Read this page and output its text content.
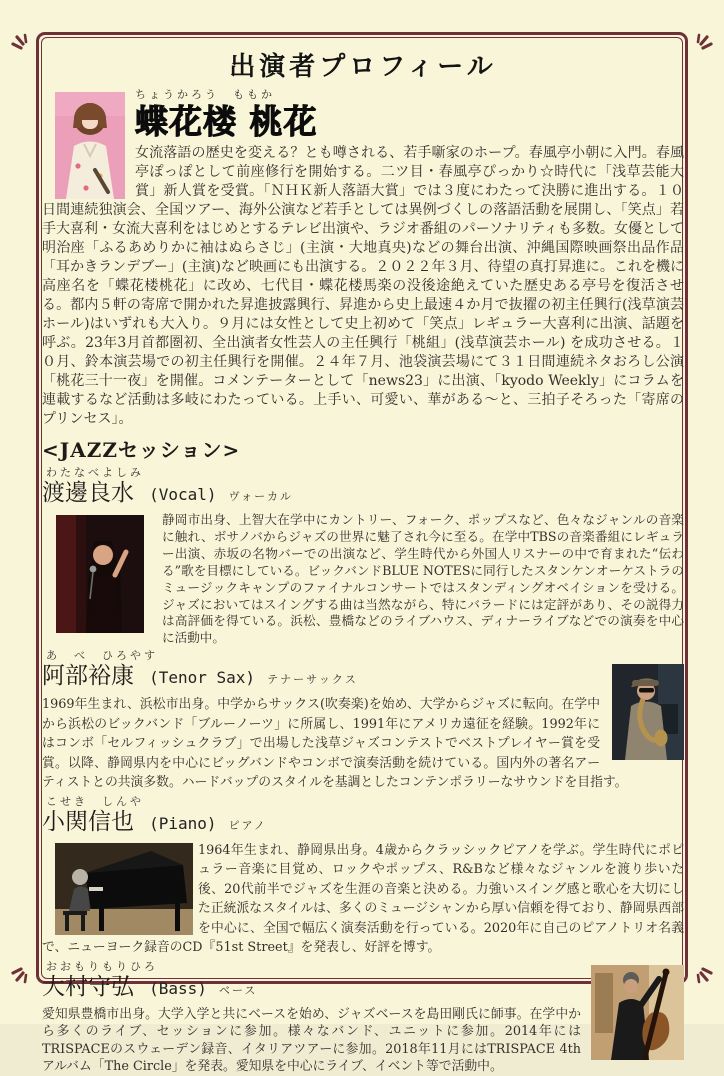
出演者プロフィール
ちょうかろう　ももか
蝶花楼 桃花

女流落語の歴史を変える？とも噂される、若手噺家のホープ。春風亭小朝に入門。春風亭ぽっぽとして前座修行を開始する。二ツ目・春風亭ぴっかり☆時代に「浅草芸能大賞」新人賞を受賞。「ＮＨＫ新人落語大賞」では３度にわたって決勝に進出する。１０日間連続独演会、全国ツアー、海外公演など若手としては異例づくしの落語活動を展開し、「笑点」若手大喜利・女流大喜利をはじめとするテレビ出演や、ラジオ番組のパーソナリティも多数。女優として明治座「ふるあめりかに袖はぬらさじ」(主演・大地真央)などの舞台出演、沖縄国際映画祭出品作品「耳かきランデブー」(主演)など映画にも出演する。２０２２年３月、待望の真打昇進に。これを機に高座名を「蝶花楼桃花」に改め、七代目・蝶花楼馬楽の没後途絶えていた歴史ある亭号を復活させる。都内５軒の寄席で開かれた昇進披露興行、昇進から史上最速４か月で抜擢の初主任興行(浅草演芸ホール)はいずれも大入り。９月には女性として史上初めて「笑点」レギュラー大喜利に出演、話題を呼ぶ。23年3月首都圏初、全出演者女性芸人の主任興行「桃組」(浅草演芸ホール) を成功させる。１０月、鈴本演芸場での初主任興行を開催。２４年７月、池袋演芸場にて３１日間連続ネタおろし公演「桃花三十一夜」を開催。コメンテーターとして「news23」に出演、「kyodo Weekly」にコラムを連載するなど活動は多岐にわたっている。上手い、可愛い、華がある〜と、三拍子そろった「寄席のプリンセス」。

<JAZZセッション>
わたなべよしみ
渡邊良水 (Vocal) ヴォーカル

静岡市出身、上智大在学中にカントリー、フォーク、ポップスなど、色々なジャンルの音楽に触れ、ボサノバからジャズの世界に魅了され今に至る。在学中TBSの音楽番組にレギュラー出演、赤坂の名物バーでの出演など、学生時代から外国人リスナーの中で育まれた“伝わる”歌を目標にしている。ビックバンドBLUE NOTESに同行したスタンケンオーケストラのミュージックキャンプのファイナルコンサートではスタンディングオベイションを受ける。ジャズにおいてはスイングする曲は当然ながら、特にバラードには定評があり、その説得力は高評価を得ている。浜松、豊橋などのライブハウス、ディナーライブなどでの演奏を中心に活動中。

あ　べ　ひろやす
阿部裕康 (Tenor Sax) テナーサックス

1969年生まれ、浜松市出身。中学からサックス(吹奏楽)を始め、大学からジャズに転向。在学中から浜松のビックバンド「ブルーノーツ」に所属し、1991年にアメリカ遠征を経験。1992年にはコンボ「セルフィッシュクラブ」で出場した浅草ジャズコンテストでベストプレイヤー賞を受賞。以降、静岡県内を中心にビッグバンドやコンボで演奏活動を続けている。国内外の著名アーティストとの共演多数。ハードバップのスタイルを基調としたコンテンポラリーなサウンドを目指す。

こせき　しんや
小関信也 (Piano) ピアノ

1964年生まれ、静岡県出身。4歳からクラッシックピアノを学ぶ。学生時代にポピュラー音楽に目覚め、ロックやポップス、R&Bなど様々なジャンルを渡り歩いた後、20代前半でジャズを生涯の音楽と決める。力強いスイング感と歌心を大切にした正統派なスタイルは、多くのミュージシャンから厚い信頼を得ており、静岡県西部を中心に、全国で幅広く演奏活動を行っている。2020年に自己のピアノトリオ名義で、ニューヨーク録音のCD『51st Street』を発表し、好評を博す。

おおもりもりひろ
大村守弘 (Bass) ベース

愛知県豊橋市出身。大学入学と共にベースを始め、ジャズベースを島田剛氏に師事。在学中から多くのライブ、セッションに参加。様々なバンド、ユニットに参加。2014年にはTRISPACEのスウェーデン録音、イタリアツアーに参加。2018年11月にはTRISPACE 4thアルバム「The Circle」を発表。愛知県を中心にライブ、イベント等で活動中。
